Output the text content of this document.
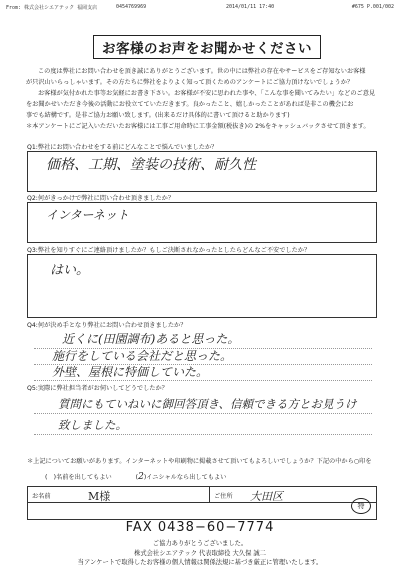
From: 株式会社シエアテック 福岡支店	0454769969	2014/01/11 17:40	#675 P.001/002
お客様のお声をお聞かせください

この度は弊社にお問い合わせを頂き誠にありがとうございます。世の中には弊社の存在やサービスをご存知ないお客様

が只沢山いらっしゃいます。その方たちに弊社をよりよく知って頂くためのアンケートにご協力頂けないでしょうか？

お客様が気付かれた事等お気軽にお書き下さい。お客様が不安に思われた事や、「こんな事を聞いてみたい」などのご意見

をお聞かせいただき今後の活動にお役立てていただきます。良かったこと、嬉しかったことがあれば是非この機会にお

事でも結構です。是非ご協力お願い致します。(出来るだけ具体的に書いて頂けると助かります)

＊本アンケートにご記入いただいたお客様には工事ご用命時に工事金額(税抜き)の 2%をキャッシュバックさせて頂きます。

Q1:弊社にお問い合わせをする前にどんなことで悩んでいましたか？
価格、工期、塗装の技術、耐久性
Q2:何がきっかけで弊社に問い合わせ頂きましたか？
インターネット
Q3:弊社を知りすぐにご連絡頂けましたか？もしご決断されなかったとしたらどんなご不安でしたか？
はい。
Q4:何が決め手となり弊社にお問い合わせ頂きましたか？
近くに(田園調布)あると思った。
施行をしている会社だと思った。
外壁、屋根に特価していた。
Q5:実際に弊社担当者がお伺いしてどうでしたか？
質問にもていねいに御回答頂き、信頼できる方とお見うけ
致しました。
＊上記についてお願いがあります。インターネットや印刷物に掲載させて頂いてもよろしいでしょうか？下記の中から○印を
(　)名前を出してもよい	(2)イニシャルなら出してもよい
お名前	M様	ご住所 大田区
特
FAX 0438−60−7774
ご協力ありがとうございました。
株式会社シエアテック 代表取締役 大久保 誠二
当アンケートで取得したお客様の個人情報は関係法規に基づき厳正に管理いたします。
